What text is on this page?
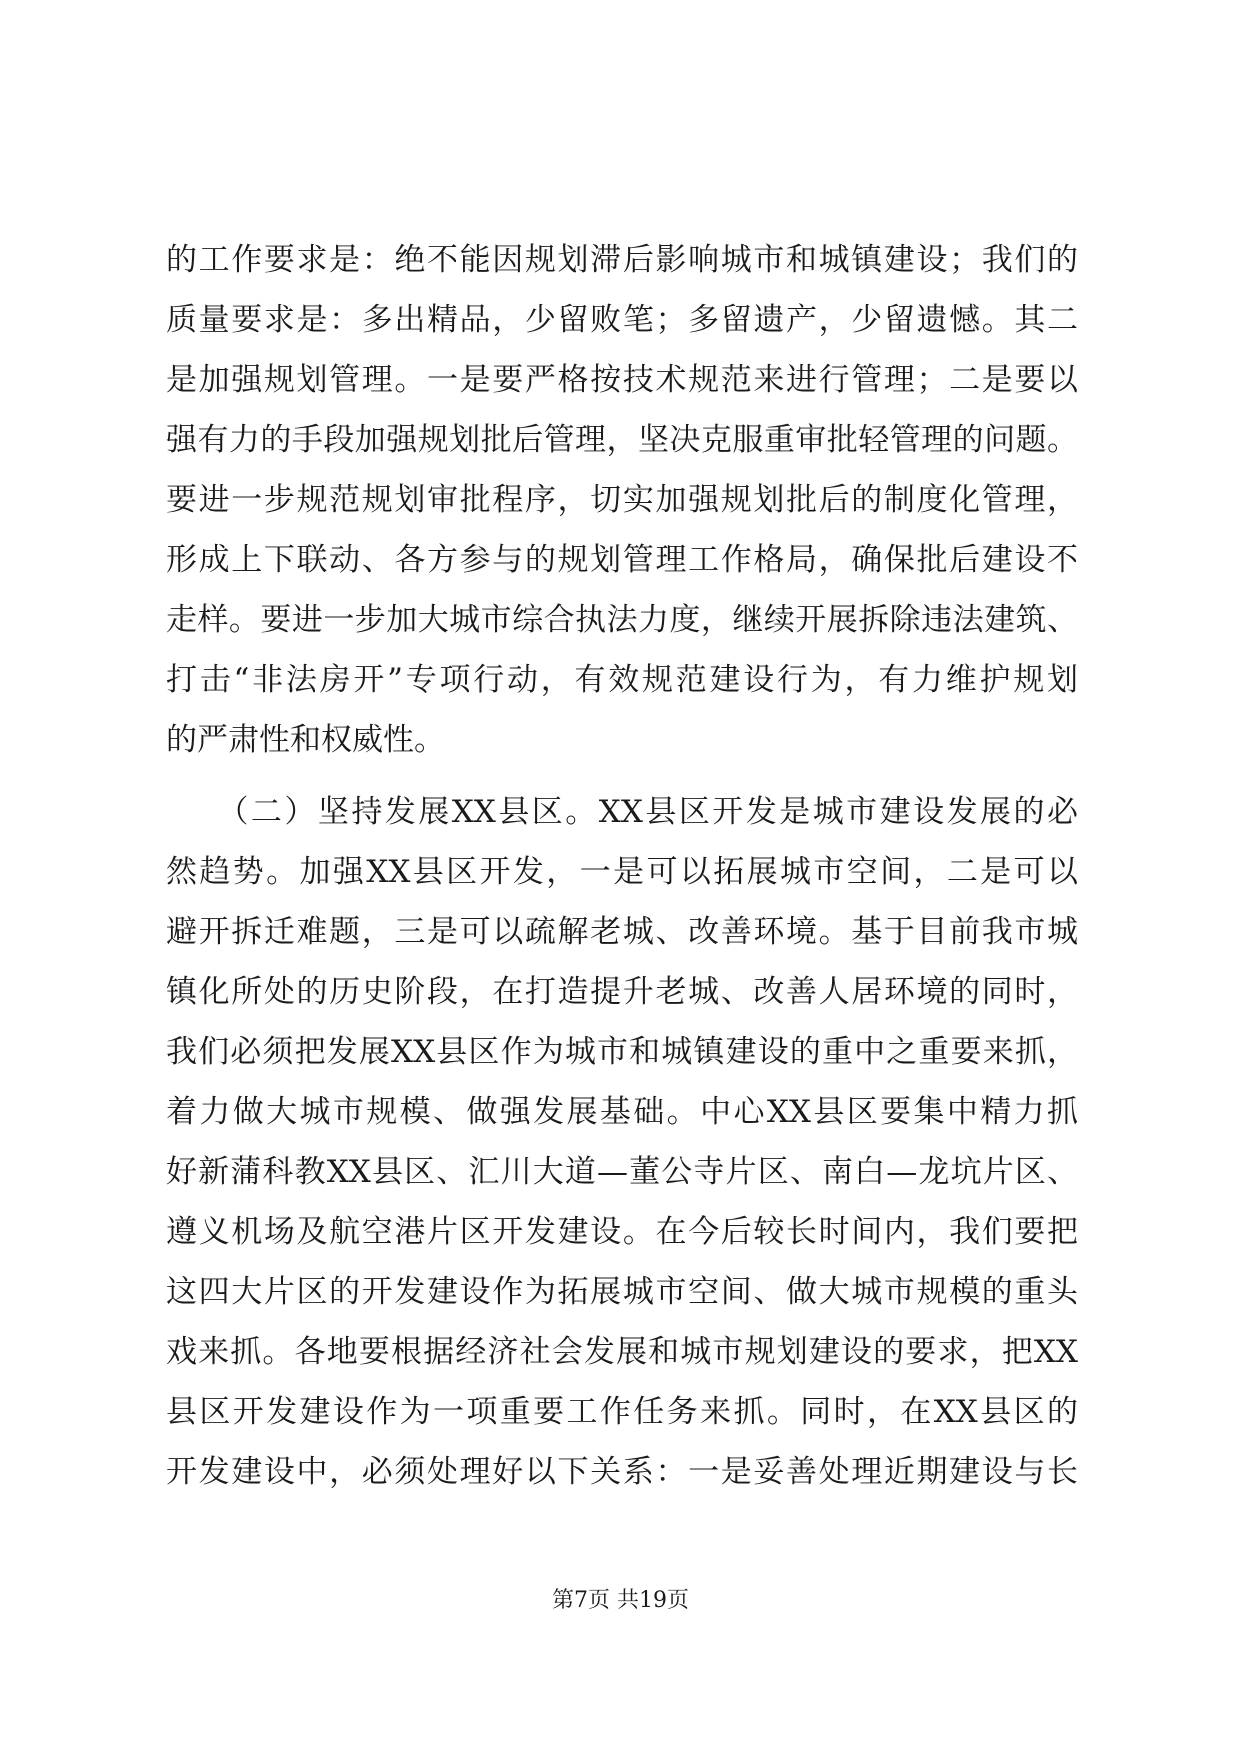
的工作要求是：绝不能因规划滞后影响城市和城镇建设；我们的
质量要求是：多出精品，少留败笔；多留遗产，少留遗憾。其二
是加强规划管理。一是要严格按技术规范来进行管理；二是要以
强有力的手段加强规划批后管理，坚决克服重审批轻管理的问题。
要进一步规范规划审批程序，切实加强规划批后的制度化管理，
形成上下联动、各方参与的规划管理工作格局，确保批后建设不
走样。要进一步加大城市综合执法力度，继续开展拆除违法建筑、
打击“非法房开”专项行动，有效规范建设行为，有力维护规划
的严肃性和权威性。
　　（二）坚持发展XX县区。XX县区开发是城市建设发展的必
然趋势。加强XX县区开发，一是可以拓展城市空间，二是可以
避开拆迁难题，三是可以疏解老城、改善环境。基于目前我市城
镇化所处的历史阶段，在打造提升老城、改善人居环境的同时，
我们必须把发展XX县区作为城市和城镇建设的重中之重要来抓，
着力做大城市规模、做强发展基础。中心XX县区要集中精力抓
好新蒲科教XX县区、汇川大道—董公寺片区、南白—龙坑片区、
遵义机场及航空港片区开发建设。在今后较长时间内，我们要把
这四大片区的开发建设作为拓展城市空间、做大城市规模的重头
戏来抓。各地要根据经济社会发展和城市规划建设的要求，把XX
县区开发建设作为一项重要工作任务来抓。同时，在XX县区的
开发建设中，必须处理好以下关系：一是妥善处理近期建设与长
第7页 共19页
